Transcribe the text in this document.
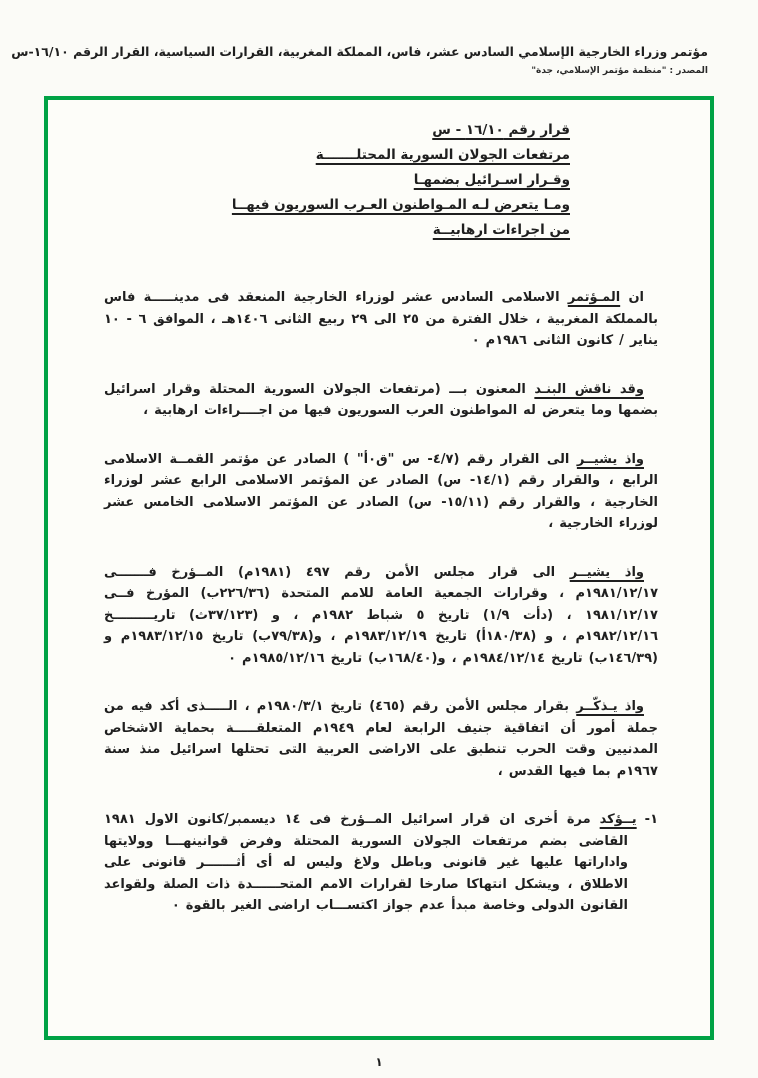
مؤتمر وزراء الخارجية الإسلامي السادس عشر، فاس، المملكة المغربية، القرارات السياسية، القرار الرقم ١٦/١٠-س
المصدر : "منظمة مؤتمر الإسلامي، جدة"
قرار رقم ١٦/١٠ - س
مرتفعات الجولان السورية المحتلـــــــة
وقـرار اسـرائيل بضمهـا
ومـا يتعرض لـه المـواطنون العـرب السوريون فيهــا
من اجراءات ارهابيــة

ان المـؤتمر الاسلامى السادس عشر لوزراء الخارجية المنعقد فى مدينـــــة فاس بالمملكة المغربية ، خلال الفترة من ٢٥ الى ٢٩ ربيع الثانى ١٤٠٦هـ ، الموافق ٦ - ١٠ يناير / كانون الثانى ١٩٨٦م ٠

وقد ناقش البنـد المعنون بـــ (مرتفعات الجولان السورية المحتلة وقرار اسرائيل بضمها وما يتعرض له المواطنون العرب السوريون فيها من اجــــراءات ارهابية ،

واذ يشيــر الى القرار رقم (٤/٧- س "ق٠أ" ) الصادر عن مؤتمر القمــة الاسلامى الرابع ، والقرار رقم (١٤/١- س) الصادر عن المؤتمر الاسلامى الرابع عشر لوزراء الخارجية ، والقرار رقم (١٥/١١- س) الصادر عن المؤتمر الاسلامى الخامس عشر لوزراء الخارجية ،

واذ يشيــر الى قرار مجلس الأمن رقم ٤٩٧ (١٩٨١م) المــؤرخ فـــــــى ١٩٨١/١٢/١٧م ، وقرارات الجمعية العامة للامم المتحدة (٢٢٦/٣٦ب) المؤرخ فــى ١٩٨١/١٢/١٧ ، (دأت ١/٩) تاريخ ٥ شباط ١٩٨٢م ، و (٣٧/١٢٣ث) تاريـــــــــخ ١٩٨٢/١٢/١٦م ، و (١٨٠/٣٨أ) تاريخ ١٩٨٣/١٢/١٩م ، و(٧٩/٣٨ب) تاريخ ١٩٨٣/١٢/١٥م و (١٤٦/٣٩ب) تاريخ ١٩٨٤/١٢/١٤م ، و(١٦٨/٤٠ب) تاريخ ١٩٨٥/١٢/١٦م ٠

واذ يـذكّــر بقرار مجلس الأمن رقم (٤٦٥) تاريخ ١٩٨٠/٣/١م ، الـــــذى أكد فيه من جملة أمور أن اتفاقية جنيف الرابعة لعام ١٩٤٩م المتعلقـــــة بحماية الاشخاص المدنيين وقت الحرب تنطبق على الاراضى العربية التى تحتلها اسرائيل منذ سنة ١٩٦٧م بما فيها القدس ،

١-يــؤكد مرة أخرى ان قرار اسرائيل المــؤرخ فى ١٤ ديسمبر/كانون الاول ١٩٨١ القاضى بضم مرتفعات الجولان السورية المحتلة وفرض قوانينهـــا وولايتها واداراتها عليها غير قانونى وباطل ولاغ وليس له أى أثـــــــر قانونى على الاطلاق ، ويشكل انتهاكا صارخا لقرارات الامم المتحــــــدة ذات الصلة ولقواعد القانون الدولى وخاصة مبدأ عدم جواز اكتســـاب اراضى الغير بالقوة ٠

١
